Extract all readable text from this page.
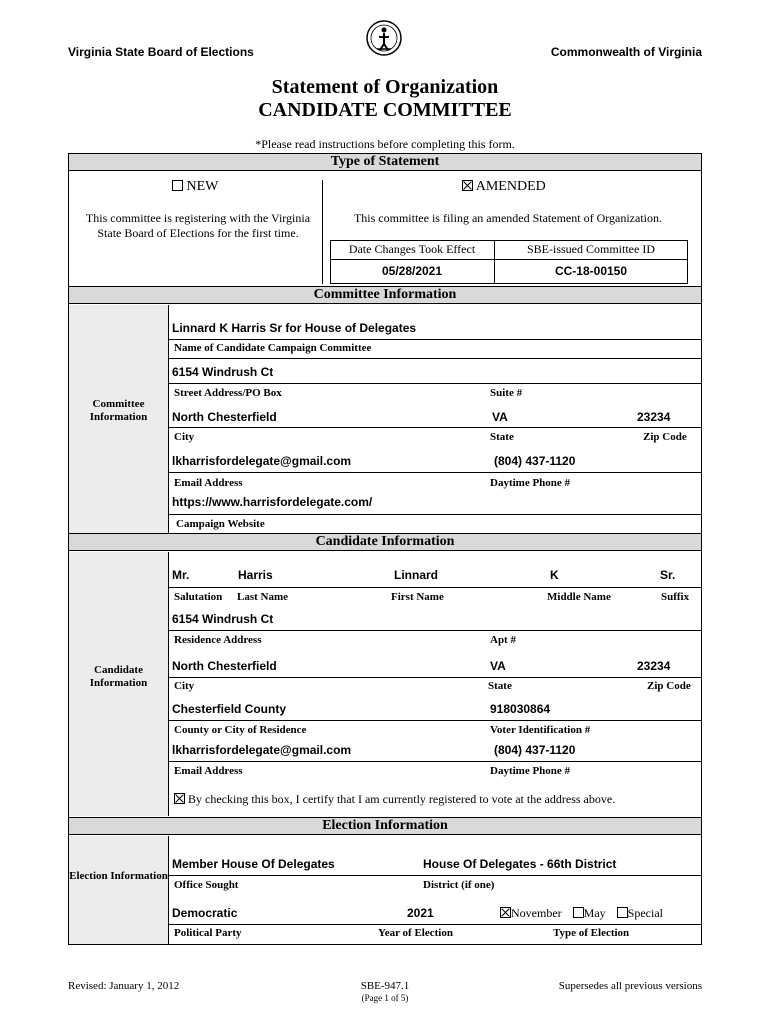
Virginia State Board of Elections	Commonwealth of Virginia
Statement of Organization
CANDIDATE COMMITTEE
*Please read instructions before completing this form.
Type of Statement
NEW
This committee is registering with the Virginia State Board of Elections for the first time.
AMENDED
This committee is filing an amended Statement of Organization.
Date Changes Took Effect	SBE-issued Committee ID
05/28/2021	CC-18-00150
Committee Information
Committee Information
Linnard K Harris Sr for House of Delegates
Name of Candidate Campaign Committee
6154 Windrush Ct
Street Address/PO Box	Suite #
North Chesterfield	VA	23234
City	State	Zip Code
lkharrisfordelegate@gmail.com	(804) 437-1120
Email Address	Daytime Phone #
https://www.harrisfordelegate.com/
Campaign Website
Candidate Information
Candidate Information
Mr.	Harris	Linnard	K	Sr.
Salutation Last Name	First Name	Middle Name	Suffix
6154 Windrush Ct
Residence Address	Apt #
North Chesterfield	VA	23234
City	State	Zip Code
Chesterfield County	918030864
County or City of Residence	Voter Identification #
lkharrisfordelegate@gmail.com	(804) 437-1120
Email Address	Daytime Phone #
By checking this box, I certify that I am currently registered to vote at the address above.
Election Information
Election Information
Member House Of Delegates	House Of Delegates - 66th District
Office Sought	District (if one)
Democratic	2021	November May Special
Political Party	Year of Election	Type of Election
Revised: January 1, 2012	SBE-947.1
(Page 1 of 5)
Supersedes all previous versions
